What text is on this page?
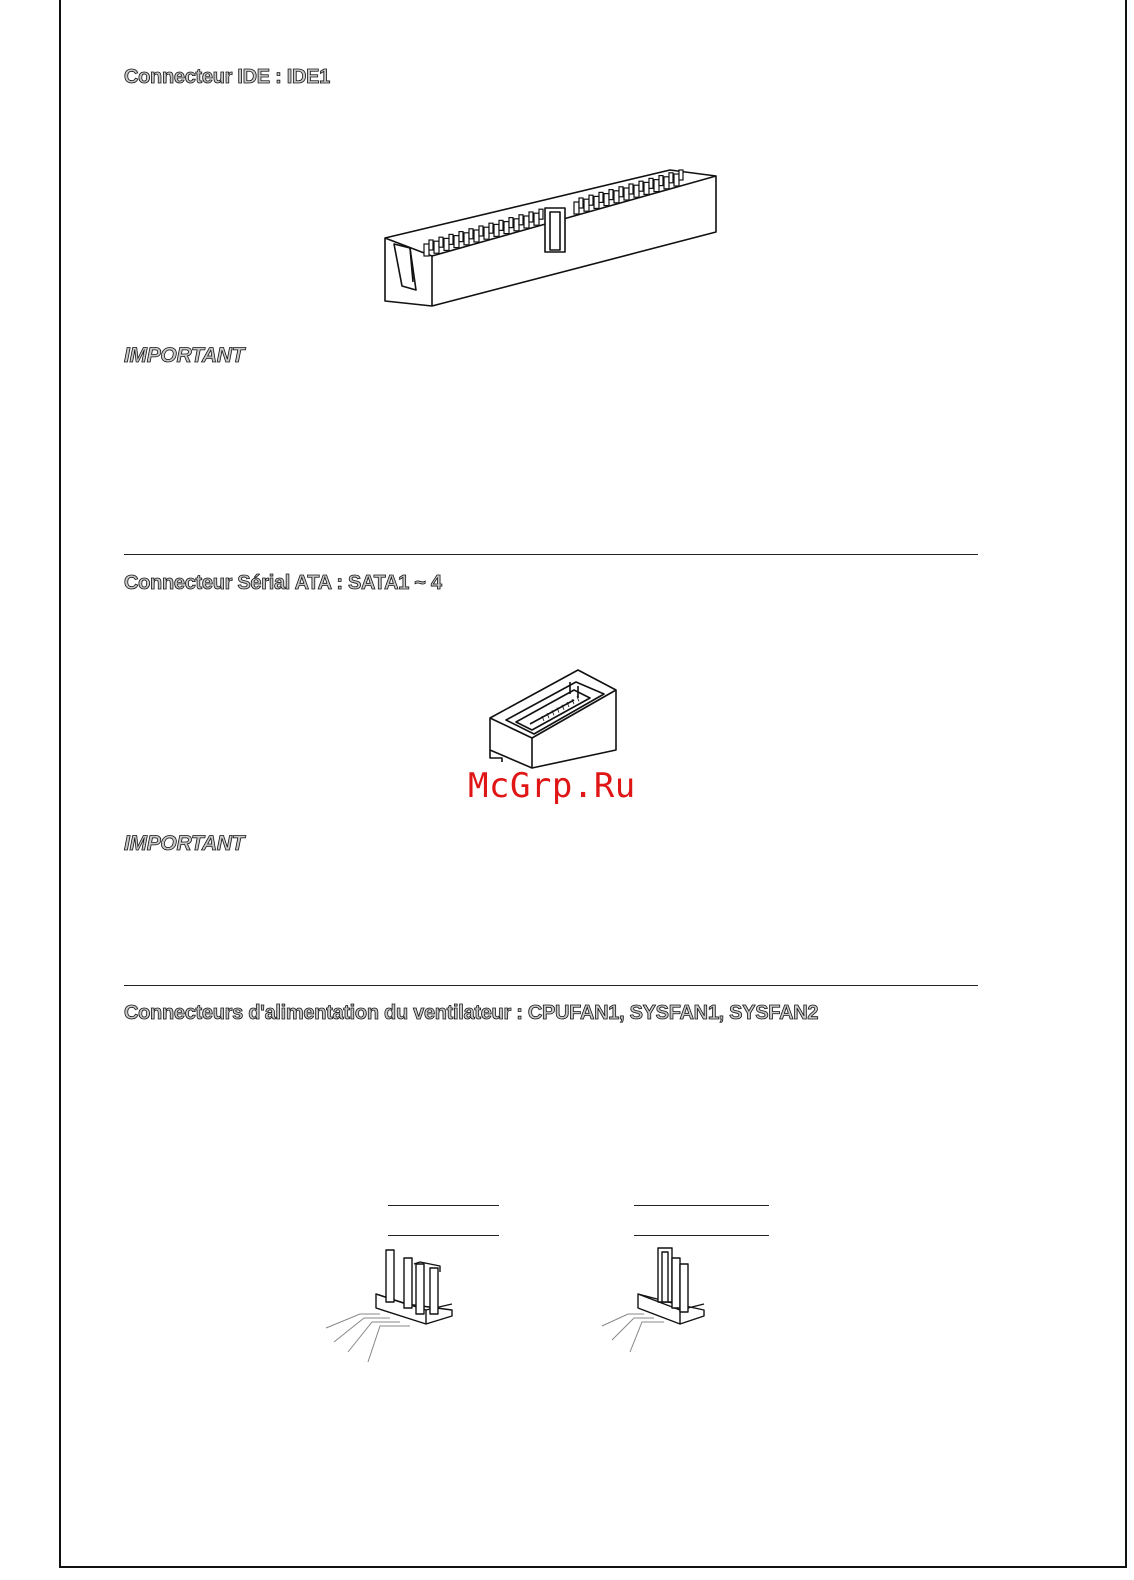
Connecteur IDE : IDE1
IMPORTANT
Connecteur Sérial ATA : SATA1 ~ 4
McGrp.Ru
IMPORTANT
Connecteurs d'alimentation du ventilateur : CPUFAN1, SYSFAN1, SYSFAN2
